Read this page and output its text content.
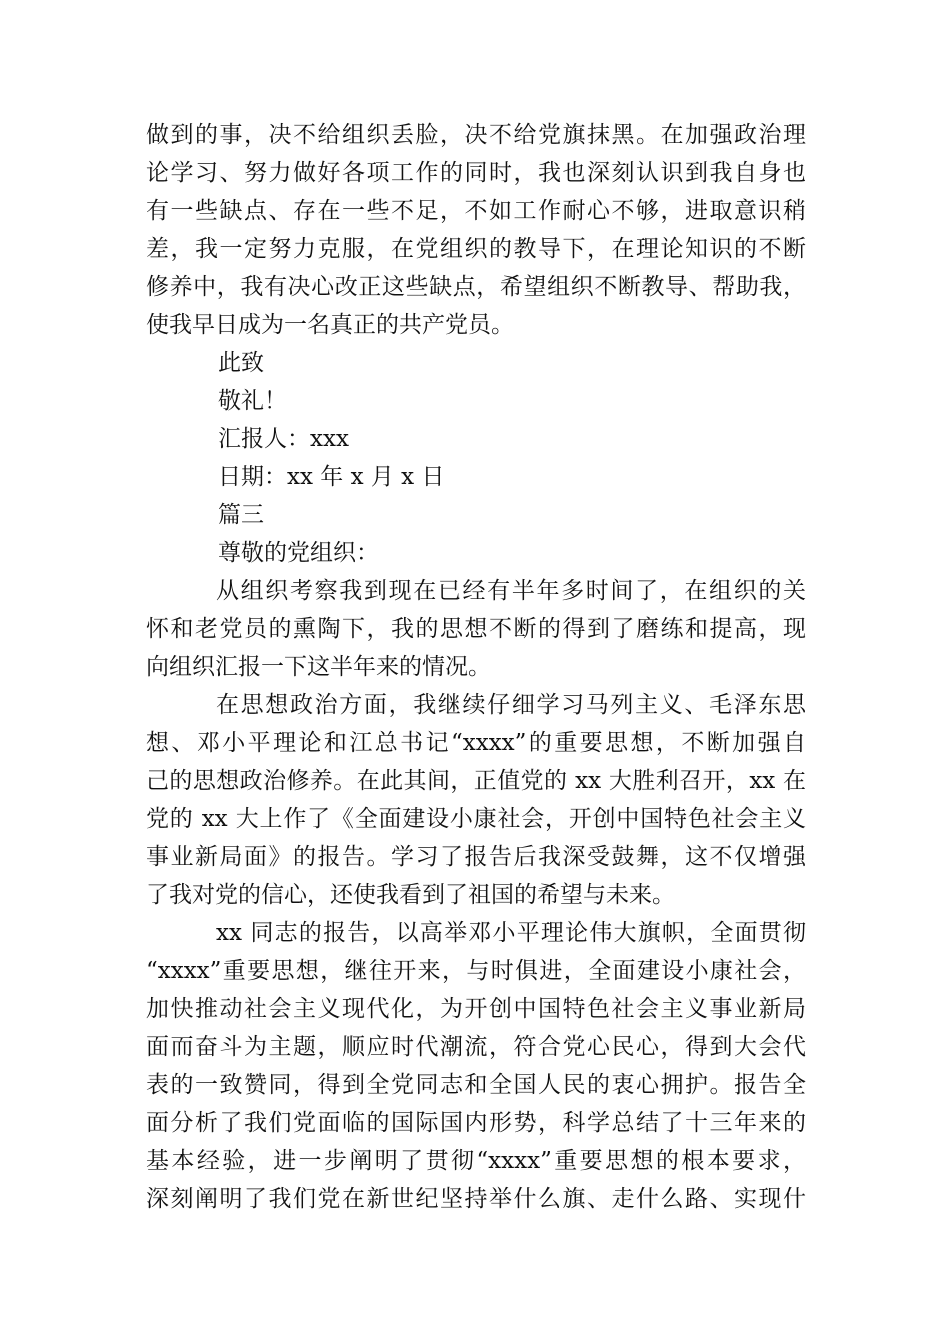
做到的事，决不给组织丢脸，决不给党旗抹黑。在加强政治理
论学习、努力做好各项工作的同时，我也深刻认识到我自身也
有一些缺点、存在一些不足，不如工作耐心不够，进取意识稍
差，我一定努力克服，在党组织的教导下，在理论知识的不断
修养中，我有决心改正这些缺点，希望组织不断教导、帮助我，
使我早日成为一名真正的共产党员。
此致
敬礼！
汇报人：xxx
日期：xx 年 x 月 x 日
篇三
尊敬的党组织：
从组织考察我到现在已经有半年多时间了，在组织的关
怀和老党员的熏陶下，我的思想不断的得到了磨练和提高，现
向组织汇报一下这半年来的情况。
在思想政治方面，我继续仔细学习马列主义、毛泽东思
想、邓小平理论和江总书记“xxxx”的重要思想，不断加强自
己的思想政治修养。在此其间，正值党的 xx 大胜利召开，xx 在
党的 xx 大上作了《全面建设小康社会，开创中国特色社会主义
事业新局面》的报告。学习了报告后我深受鼓舞，这不仅增强
了我对党的信心，还使我看到了祖国的希望与未来。
xx 同志的报告，以高举邓小平理论伟大旗帜，全面贯彻
“xxxx”重要思想，继往开来，与时俱进，全面建设小康社会，
加快推动社会主义现代化，为开创中国特色社会主义事业新局
面而奋斗为主题，顺应时代潮流，符合党心民心，得到大会代
表的一致赞同，得到全党同志和全国人民的衷心拥护。报告全
面分析了我们党面临的国际国内形势，科学总结了十三年来的
基本经验，进一步阐明了贯彻“xxxx”重要思想的根本要求，
深刻阐明了我们党在新世纪坚持举什么旗、走什么路、实现什
